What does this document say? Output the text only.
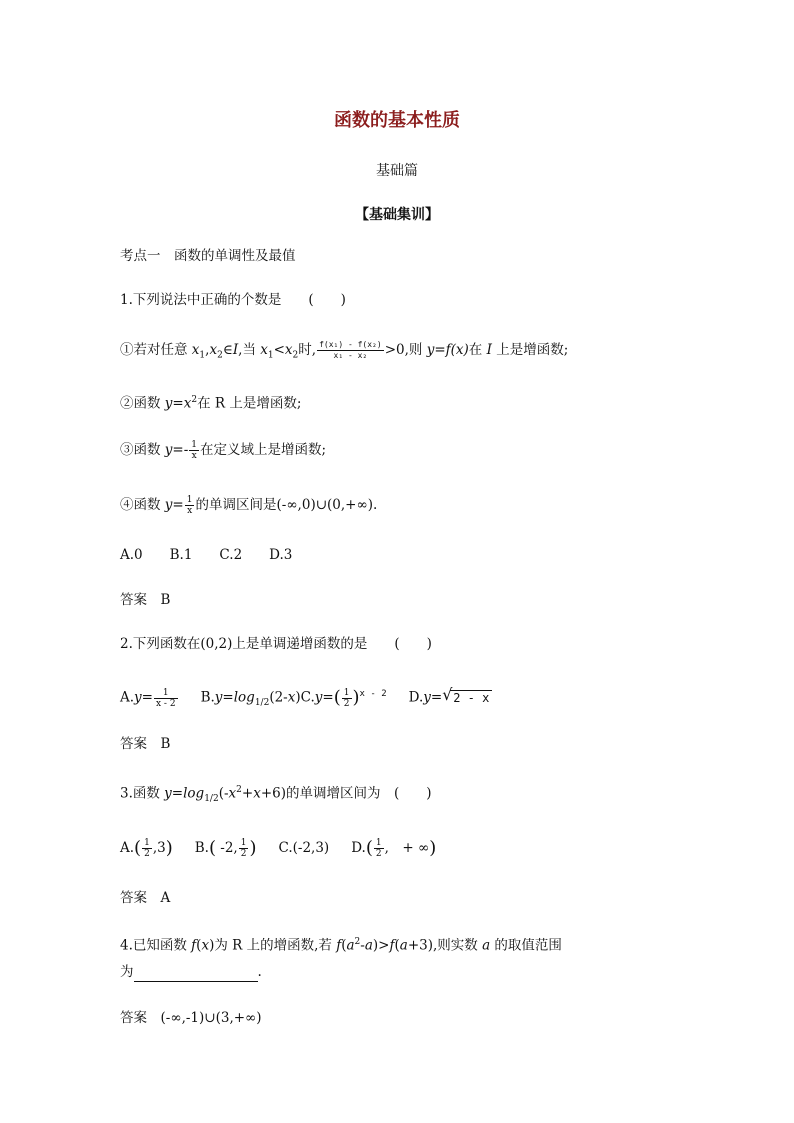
函数的基本性质
基础篇
【基础集训】
考点一　函数的单调性及最值
1.下列说法中正确的个数是　　(　　)
①若对任意 $x_1,x_2\in I$,当 $x_1<x_2$时, $\frac{\text{f(x₁) - f(x₂)}}{\text{x₁ - x₂}} >0$,则 y=f(x)在 I 上是增函数;
②函数 $y=x^2$在 R 上是增函数;
③函数 $y=- \frac{1}{x}$ 在定义域上是增函数;
④函数 $y= \frac{1}{x}$ 的单调区间是(-∞,0)∪(0,+∞).
A.0　　B.1　　C.2　　D.3
答案　B
2.下列函数在(0,2)上是单调递增函数的是　　(　　)
$A.y= \frac{1}{x - 2} B.y=\log_{1/2}(2-x)C.y=( \frac{1}{2} )^{x - 2}$ D.y= √ 2 - x
答案　B
3.函数 $y=\log_{1/2}(-x^2+x+6)$的单调增区间为　(　　)
$A.( \frac{1}{2} ,3)$ B.( -2, $\frac{1}{2}$ ) C.(-2,3) $D.( \frac{1}{2}$ ,　+ ∞)
答案　A
4.已知函数 f(x)为 R 上的增函数,若 $f(a^2-a)>f(a+3)$,则实数 a 的取值范围
为	.
答案　(-∞,-1)∪(3,+∞)
